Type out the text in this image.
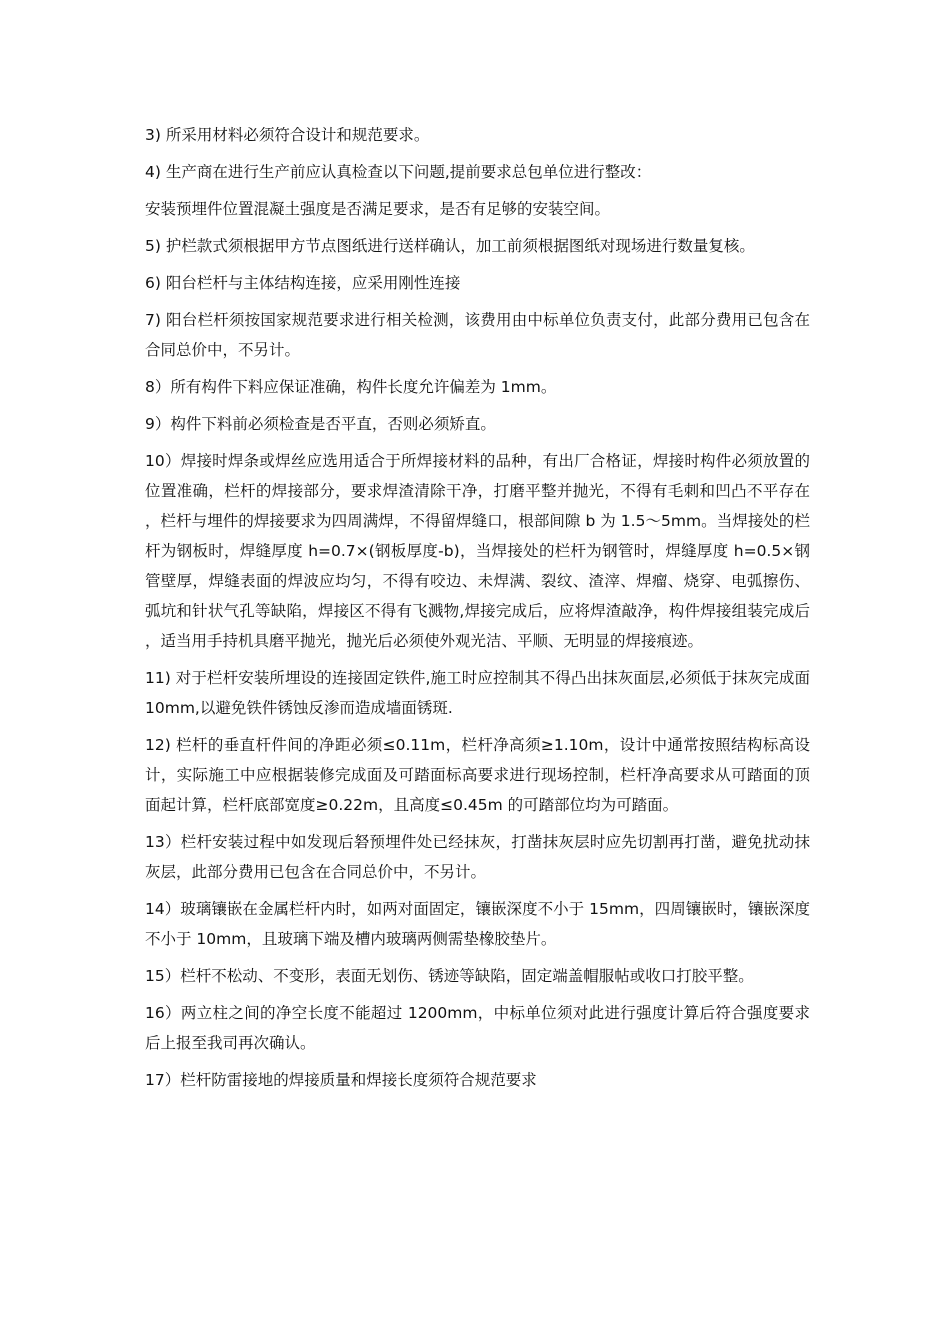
3) 所采用材料必须符合设计和规范要求。

4) 生产商在进行生产前应认真检查以下问题,提前要求总包单位进行整改：

安装预埋件位置混凝土强度是否满足要求，是否有足够的安装空间。

5) 护栏款式须根据甲方节点图纸进行送样确认，加工前须根据图纸对现场进行数量复核。

6) 阳台栏杆与主体结构连接，应采用刚性连接

7) 阳台栏杆须按国家规范要求进行相关检测，该费用由中标单位负责支付，此部分费用已包含在合同总价中，不另计。

8）所有构件下料应保证准确，构件长度允许偏差为 1mm。

9）构件下料前必须检查是否平直，否则必须矫直。

10）焊接时焊条或焊丝应选用适合于所焊接材料的品种，有出厂合格证，焊接时构件必须放置的位置准确，栏杆的焊接部分，要求焊渣清除干净，打磨平整并抛光，不得有毛刺和凹凸不平存在，栏杆与埋件的焊接要求为四周满焊，不得留焊缝口，根部间隙 b 为 1.5～5mm。当焊接处的栏杆为钢板时，焊缝厚度 h=0.7×(钢板厚度-b)，当焊接处的栏杆为钢管时，焊缝厚度 h=0.5×钢管壁厚，焊缝表面的焊波应均匀，不得有咬边、未焊满、裂纹、渣滓、焊瘤、烧穿、电弧擦伤、弧坑和针状气孔等缺陷，焊接区不得有飞溅物,焊接完成后，应将焊渣敲净，构件焊接组装完成后，适当用手持机具磨平抛光，抛光后必须使外观光洁、平顺、无明显的焊接痕迹。

11) 对于栏杆安装所埋设的连接固定铁件,施工时应控制其不得凸出抹灰面层,必须低于抹灰完成面 10mm,以避免铁件锈蚀反渗而造成墙面锈斑.

12) 栏杆的垂直杆件间的净距必须≤0.11m，栏杆净高须≥1.10m，设计中通常按照结构标高设计，实际施工中应根据装修完成面及可踏面标高要求进行现场控制，栏杆净高要求从可踏面的顶面起计算，栏杆底部宽度≥0.22m，且高度≤0.45m 的可踏部位均为可踏面。

13）栏杆安装过程中如发现后砮预埋件处已经抹灰，打凿抹灰层时应先切割再打凿，避免扰动抹灰层，此部分费用已包含在合同总价中，不另计。

14）玻璃镶嵌在金属栏杆内时，如两对面固定，镶嵌深度不小于 15mm，四周镶嵌时，镶嵌深度不小于 10mm，且玻璃下端及槽内玻璃两侧需垫橡胶垫片。

15）栏杆不松动、不变形，表面无划伤、锈迹等缺陷，固定端盖帽服帖或收口打胶平整。

16）两立柱之间的净空长度不能超过 1200mm，中标单位须对此进行强度计算后符合强度要求后上报至我司再次确认。

17）栏杆防雷接地的焊接质量和焊接长度须符合规范要求
